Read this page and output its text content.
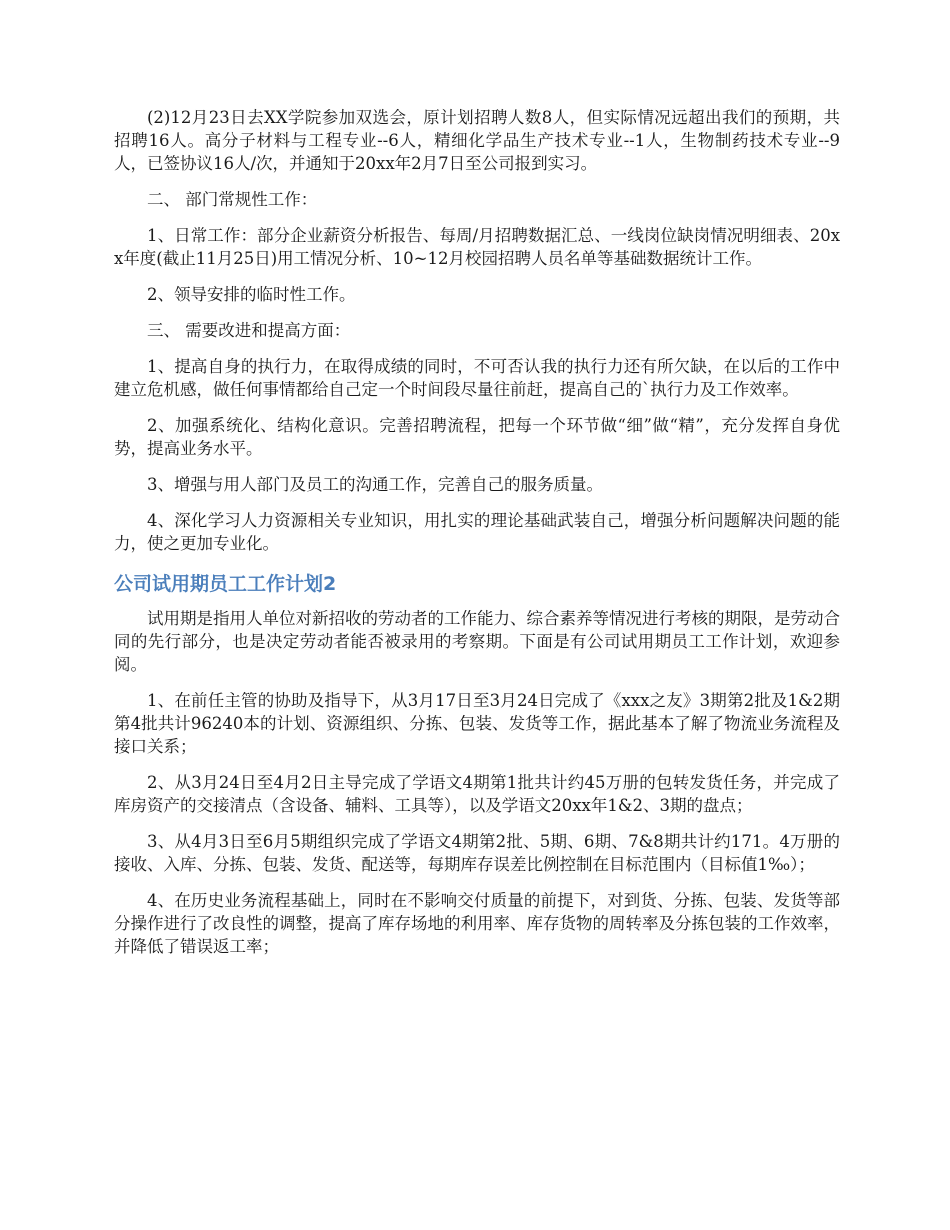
(2)12月23日去XX学院参加双选会，原计划招聘人数8人，但实际情况远超出我们的预期，共招聘16人。高分子材料与工程专业--6人，精细化学品生产技术专业--1人，生物制药技术专业--9人，已签协议16人/次，并通知于20xx年2月7日至公司报到实习。

二、 部门常规性工作：

1、日常工作：部分企业薪资分析报告、每周/月招聘数据汇总、一线岗位缺岗情况明细表、20xx年度(截止11月25日)用工情况分析、10~12月校园招聘人员名单等基础数据统计工作。

2、领导安排的临时性工作。

三、 需要改进和提高方面：

1、提高自身的执行力，在取得成绩的同时，不可否认我的执行力还有所欠缺，在以后的工作中建立危机感，做任何事情都给自己定一个时间段尽量往前赶，提高自己的`执行力及工作效率。

2、加强系统化、结构化意识。完善招聘流程，把每一个环节做“细”做“精”，充分发挥自身优势，提高业务水平。

3、增强与用人部门及员工的沟通工作，完善自己的服务质量。

4、深化学习人力资源相关专业知识，用扎实的理论基础武装自己，增强分析问题解决问题的能力，使之更加专业化。

公司试用期员工工作计划2

试用期是指用人单位对新招收的劳动者的工作能力、综合素养等情况进行考核的期限，是劳动合同的先行部分，也是决定劳动者能否被录用的考察期。下面是有公司试用期员工工作计划，欢迎参阅。

1、在前任主管的协助及指导下，从3月17日至3月24日完成了《xxx之友》3期第2批及1&2期第4批共计96240本的计划、资源组织、分拣、包装、发货等工作，据此基本了解了物流业务流程及接口关系；

2、从3月24日至4月2日主导完成了学语文4期第1批共计约45万册的包转发货任务，并完成了库房资产的交接清点（含设备、辅料、工具等），以及学语文20xx年1&2、3期的盘点；

3、从4月3日至6月5期组织完成了学语文4期第2批、5期、6期、7&8期共计约171。4万册的接收、入库、分拣、包装、发货、配送等，每期库存误差比例控制在目标范围内（目标值1‰）；

4、在历史业务流程基础上，同时在不影响交付质量的前提下，对到货、分拣、包装、发货等部分操作进行了改良性的调整，提高了库存场地的利用率、库存货物的周转率及分拣包装的工作效率，并降低了错误返工率；
